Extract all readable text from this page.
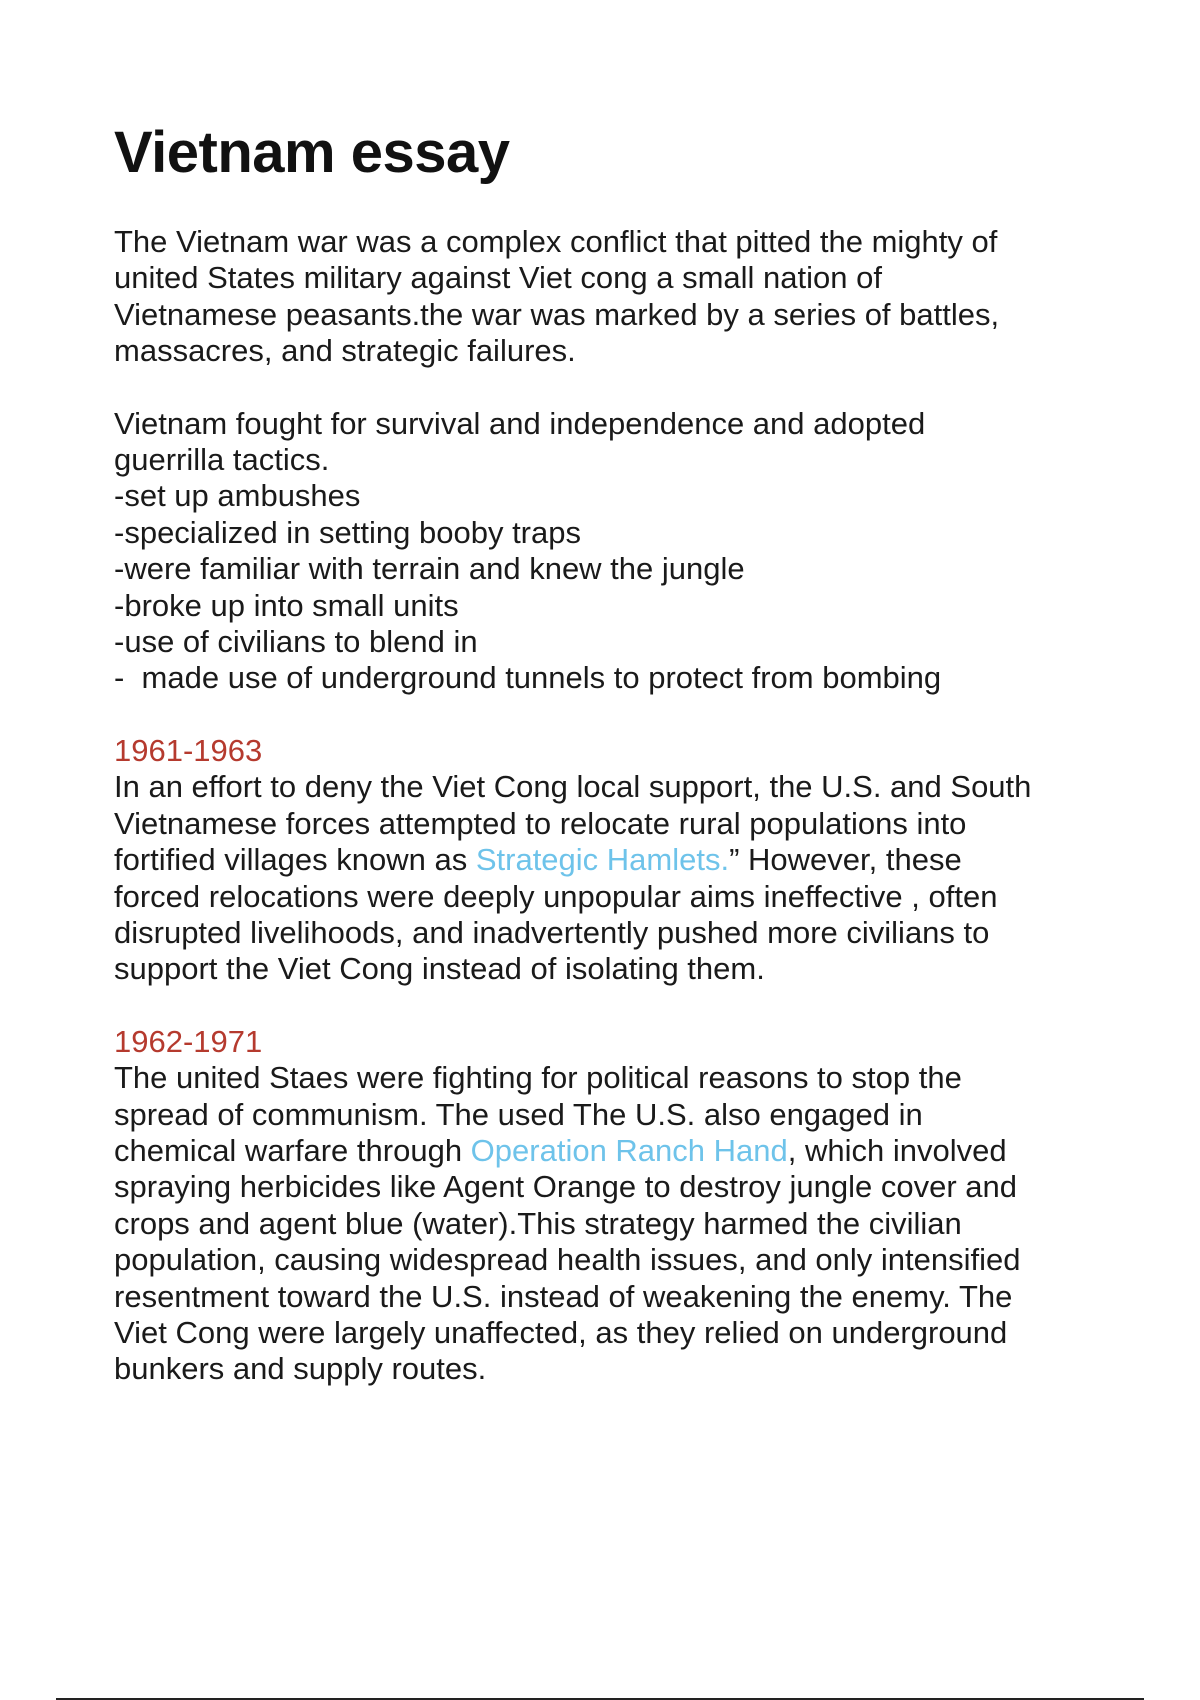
Vietnam essay

The Vietnam war was a complex conflict that pitted the mighty of
united States military against Viet cong a small nation of
Vietnamese peasants.the war was marked by a series of battles,
massacres, and strategic failures.

Vietnam fought for survival and independence and adopted
guerrilla tactics.

-set up ambushes
-specialized in setting booby traps
-were familiar with terrain and knew the jungle
-broke up into small units
-use of civilians to blend in
-  made use of underground tunnels to protect from bombing

1961-1963

In an effort to deny the Viet Cong local support, the U.S. and South
Vietnamese forces attempted to relocate rural populations into
fortified villages known as Strategic Hamlets.” However, these
forced relocations were deeply unpopular aims ineffective , often
disrupted livelihoods, and inadvertently pushed more civilians to
support the Viet Cong instead of isolating them.

1962-1971

The united Staes were fighting for political reasons to stop the
spread of communism. The used The U.S. also engaged in
chemical warfare through Operation Ranch Hand, which involved
spraying herbicides like Agent Orange to destroy jungle cover and
crops and agent blue (water).This strategy harmed the civilian
population, causing widespread health issues, and only intensified
resentment toward the U.S. instead of weakening the enemy. The
Viet Cong were largely unaffected, as they relied on underground
bunkers and supply routes.
